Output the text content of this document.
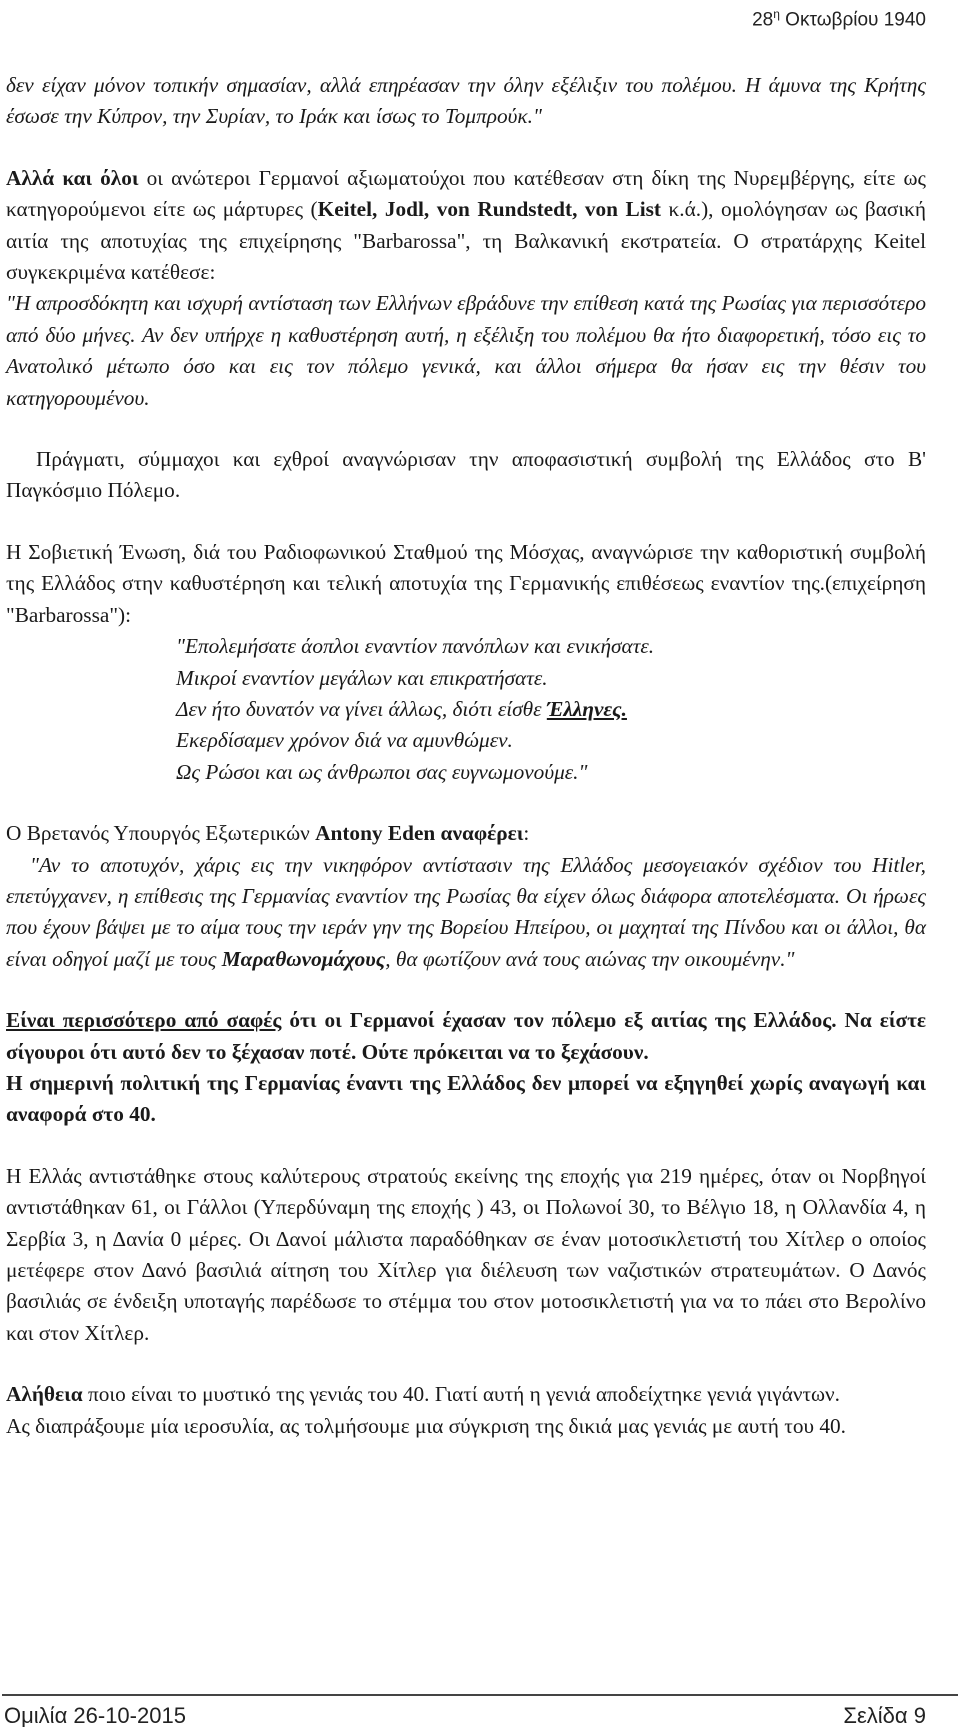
$28^\eta$ Οκτωβρίου 1940

δεν είχαν μόνον τοπικήν σημασίαν, αλλά επηρέασαν την όλην εξέλιξιν του πολέμου. Η άμυνα της Κρήτης έσωσε την Κύπρον, την Συρίαν, το Ιράκ και ίσως το Τομπρούκ."

Αλλά και όλοι οι ανώτεροι Γερμανοί αξιωματούχοι που κατέθεσαν στη δίκη της Νυρεμβέργης, είτε ως κατηγορούμενοι είτε ως μάρτυρες (Keitel, Jodl, von Rundstedt, von List κ.ά.), ομολόγησαν ως βασική αιτία της αποτυχίας της επιχείρησης "Barbarossa", τη Βαλκανική εκστρατεία. Ο στρατάρχης Keitel συγκεκριμένα κατέθεσε:

"Η απροσδόκητη και ισχυρή αντίσταση των Ελλήνων εβράδυνε την επίθεση κατά της Ρωσίας για περισσότερο από δύο μήνες. Αν δεν υπήρχε η καθυστέρηση αυτή, η εξέλιξη του πολέμου θα ήτο διαφορετική, τόσο εις το Ανατολικό μέτωπο όσο και εις τον πόλεμο γενικά, και άλλοι σήμερα θα ήσαν εις την θέσιν του κατηγορουμένου.

Πράγματι, σύμμαχοι και εχθροί αναγνώρισαν την αποφασιστική συμβολή της Ελλάδος στο Β' Παγκόσμιο Πόλεμο.

Η Σοβιετική Ένωση, διά του Ραδιοφωνικού Σταθμού της Μόσχας, αναγνώρισε την καθοριστική συμβολή της Ελλάδος στην καθυστέρηση και τελική αποτυχία της Γερμανικής επιθέσεως εναντίον της.(επιχείρηση "Barbarossa"):

"Επολεμήσατε άοπλοι εναντίον πανόπλων και ενικήσατε.
Μικροί εναντίον μεγάλων και επικρατήσατε.
Δεν ήτο δυνατόν να γίνει άλλως, διότι είσθε Έλληνες.
Εκερδίσαμεν χρόνον διά να αμυνθώμεν.
Ως Ρώσοι και ως άνθρωποι σας ευγνωμονούμε."

Ο Βρετανός Υπουργός Εξωτερικών Antony Eden αναφέρει:

"Αν το αποτυχόν, χάρις εις την νικηφόρον αντίστασιν της Ελλάδος μεσογειακόν σχέδιον του Hitler, επετύγχανεν, η επίθεσις της Γερμανίας εναντίον της Ρωσίας θα είχεν όλως διάφορα αποτελέσματα. Οι ήρωες που έχουν βάψει με το αίμα τους την ιεράν γην της Βορείου Ηπείρου, οι μαχηταί της Πίνδου και οι άλλοι, θα είναι οδηγοί μαζί με τους Μαραθωνομάχους, θα φωτίζουν ανά τους αιώνας την οικουμένην."

Είναι περισσότερο από σαφές ότι οι Γερμανοί έχασαν τον πόλεμο εξ αιτίας της Ελλάδος. Να είστε σίγουροι ότι αυτό δεν το ξέχασαν ποτέ. Ούτε πρόκειται να το ξεχάσουν.

Η σημερινή πολιτική της Γερμανίας έναντι της Ελλάδος δεν μπορεί να εξηγηθεί χωρίς αναγωγή και αναφορά στο 40.

Η Ελλάς αντιστάθηκε στους καλύτερους στρατούς εκείνης της εποχής για 219 ημέρες, όταν οι Νορβηγοί αντιστάθηκαν 61, οι Γάλλοι (Υπερδύναμη της εποχής ) 43, οι Πολωνοί 30, το Βέλγιο 18, η Ολλανδία 4, η Σερβία 3, η Δανία 0 μέρες. Οι Δανοί μάλιστα παραδόθηκαν σε έναν μοτοσικλετιστή του Χίτλερ ο οποίος μετέφερε στον Δανό βασιλιά αίτηση του Χίτλερ για διέλευση των ναζιστικών στρατευμάτων. Ο Δανός βασιλιάς σε ένδειξη υποταγής παρέδωσε το στέμμα του στον μοτοσικλετιστή για να το πάει στο Βερολίνο και στον Χίτλερ.

Αλήθεια ποιο είναι το μυστικό της γενιάς του 40. Γιατί αυτή η γενιά αποδείχτηκε γενιά γιγάντων.

Ας διαπράξουμε μία ιεροσυλία, ας τολμήσουμε μια σύγκριση της δικιά μας γενιάς με αυτή του 40.

Ομιλία 26-10-2015	Σελίδα 9
